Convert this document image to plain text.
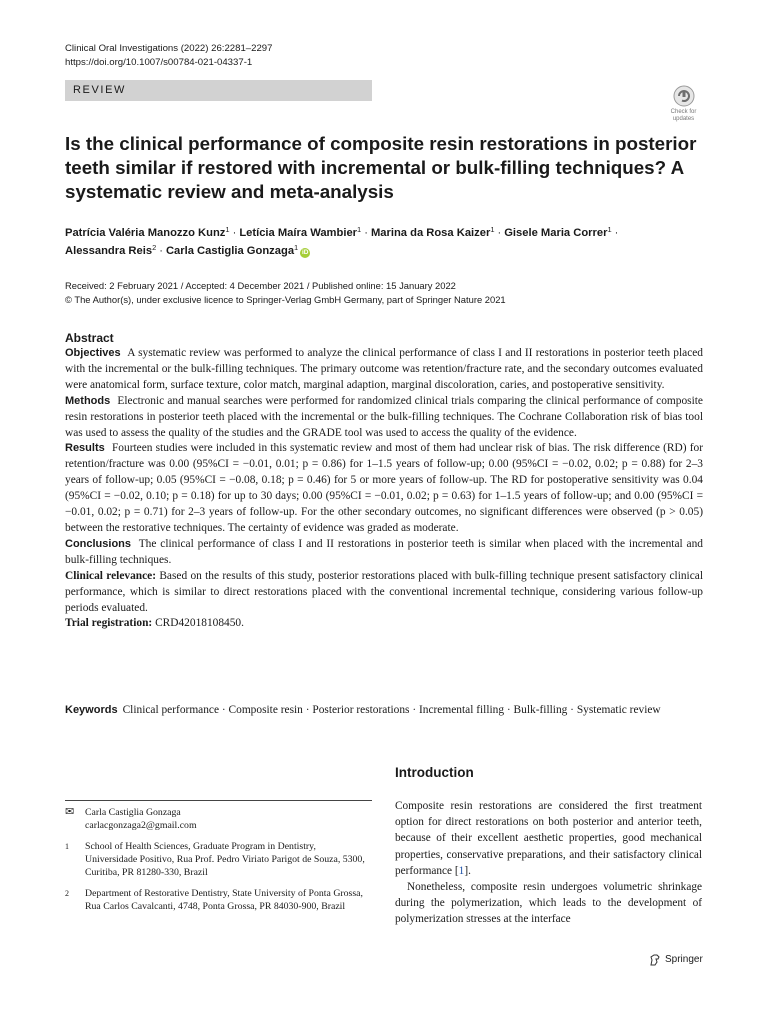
Clinical Oral Investigations (2022) 26:2281–2297
https://doi.org/10.1007/s00784-021-04337-1
REVIEW
Check for
updates
Is the clinical performance of composite resin restorations in posterior teeth similar if restored with incremental or bulk-filling techniques? A systematic review and meta-analysis
Patrícia Valéria Manozzo Kunz$^1$ · Letícia Maíra Wambier$^1$ · Marina da Rosa Kaizer$^1$ · Gisele Maria Correr$^1$ ·
Alessandra Reis$^2$ · Carla Castiglia Gonzaga$^1$iD
Received: 2 February 2021 / Accepted: 4 December 2021 / Published online: 15 January 2022
© The Author(s), under exclusive licence to Springer-Verlag GmbH Germany, part of Springer Nature 2021
Abstract

Objectives A systematic review was performed to analyze the clinical performance of class I and II restorations in posterior teeth placed with the incremental or the bulk-filling techniques. The primary outcome was retention/fracture rate, and the secondary outcomes evaluated were anatomical form, surface texture, color match, marginal adaption, marginal discoloration, caries, and postoperative sensitivity.

Methods Electronic and manual searches were performed for randomized clinical trials comparing the clinical performance of composite resin restorations in posterior teeth placed with the incremental or the bulk-filling techniques. The Cochrane Collaboration risk of bias tool was used to assess the quality of the studies and the GRADE tool was used to access the quality of the evidence.

Results Fourteen studies were included in this systematic review and most of them had unclear risk of bias. The risk difference (RD) for retention/fracture was 0.00 (95%CI = −0.01, 0.01; p = 0.86) for 1–1.5 years of follow-up; 0.00 (95%CI = −0.02, 0.02; p = 0.88) for 2–3 years of follow-up; 0.05 (95%CI = −0.08, 0.18; p = 0.46) for 5 or more years of follow-up. The RD for postoperative sensitivity was 0.04 (95%CI = −0.02, 0.10; p = 0.18) for up to 30 days; 0.00 (95%CI = −0.01, 0.02; p = 0.63) for 1–1.5 years of follow-up; and 0.00 (95%CI = −0.01, 0.02; p = 0.71) for 2–3 years of follow-up. For the other secondary outcomes, no significant differences were observed (p > 0.05) between the restorative techniques. The certainty of evidence was graded as moderate.

Conclusions The clinical performance of class I and II restorations in posterior teeth is similar when placed with the incremental and bulk-filling techniques.

Clinical relevance: Based on the results of this study, posterior restorations placed with bulk-filling technique present satisfactory clinical performance, which is similar to direct restorations placed with the conventional incremental technique, considering various follow-up periods evaluated.

Trial registration: CRD42018108450.

Keywords Clinical performance · Composite resin · Posterior restorations · Incremental filling · Bulk-filling · Systematic review
✉	Carla Castiglia Gonzaga
carlacgonzaga2@gmail.com
1	School of Health Sciences, Graduate Program in Dentistry, Universidade Positivo, Rua Prof. Pedro Viriato Parigot de Souza, 5300, Curitiba, PR 81280-330, Brazil
2	Department of Restorative Dentistry, State University of Ponta Grossa, Rua Carlos Cavalcanti, 4748, Ponta Grossa, PR 84030-900, Brazil
Introduction

Composite resin restorations are considered the first treatment option for direct restorations on both posterior and anterior teeth, because of their excellent aesthetic properties, good mechanical properties, conservative preparations, and their satisfactory clinical performance [1].

Nonetheless, composite resin undergoes volumetric shrinkage during the polymerization, which leads to the development of polymerization stresses at the interface

Springer
